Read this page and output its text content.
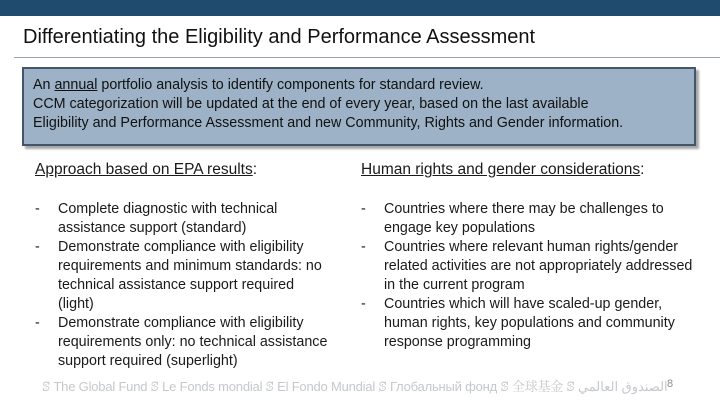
Differentiating the Eligibility and Performance Assessment
An annual portfolio analysis to identify components for standard review.
CCM categorization will be updated at the end of every year, based on the last available
Eligibility and Performance Assessment and new Community, Rights and Gender information.
Approach based on EPA results:
- Complete diagnostic with technical assistance support (standard)
- Demonstrate compliance with eligibility requirements and minimum standards: no technical assistance support required (light)
- Demonstrate compliance with eligibility requirements only: no technical assistance support required (superlight)
Human rights and gender considerations:
- Countries where there may be challenges to engage key populations
- Countries where relevant human rights/gender related activities are not appropriately addressed in the current program
- Countries which will have scaled-up gender, human rights, key populations and community response programming
ꕷ The Global Fund ꕷ Le Fonds mondial ꕷ El Fondo Mundial ꕷ Глобальный фонд ꕷ 全球基金 ꕷ الصندوق العالمي 8
